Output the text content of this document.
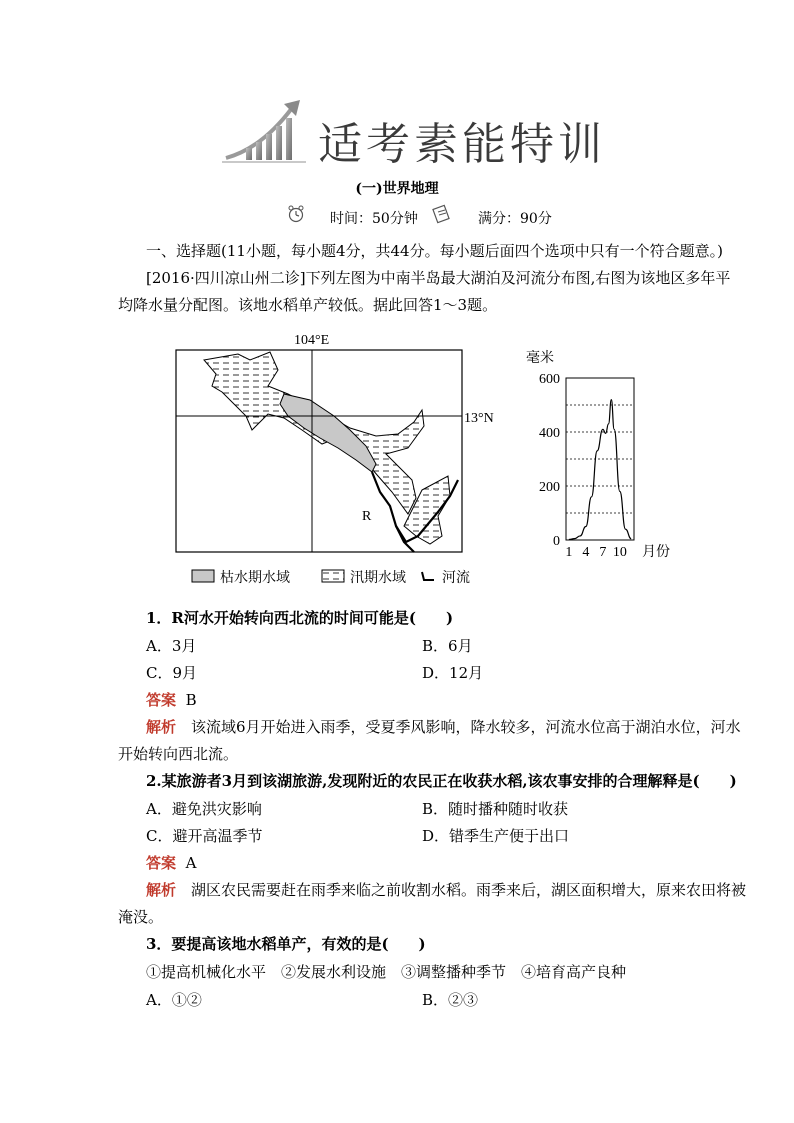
适考素能特训
(一)世界地理
时间：50分钟	满分：90分
一、选择题(11小题，每小题4分，共44分。每小题后面四个选项中只有一个符合题意。)
[2016·四川凉山州二诊]下列左图为中南半岛最大湖泊及河流分布图,右图为该地区多年平
均降水量分配图。该地水稻单产较低。据此回答1～3题。
104°E
13°N
R
毫米
月份
600
400
200
0
1 4 7 10
枯水期水域	汛期水域	河流
1．R河水开始转向西北流的时间可能是(　　)
A．3月	B．6月
C．9月	D．12月
答案 B
解析　该流域6月开始进入雨季，受夏季风影响，降水较多，河流水位高于湖泊水位，河水
开始转向西北流。
2.某旅游者3月到该湖旅游,发现附近的农民正在收获水稻,该农事安排的合理解释是(　　)
A．避免洪灾影响	B．随时播种随时收获
C．避开高温季节	D．错季生产便于出口
答案 A
解析　湖区农民需要赶在雨季来临之前收割水稻。雨季来后，湖区面积增大，原来农田将被
淹没。
3．要提高该地水稻单产，有效的是(　　)
①提高机械化水平　②发展水利设施　③调整播种季节　④培育高产良种
A．①②	B．②③
